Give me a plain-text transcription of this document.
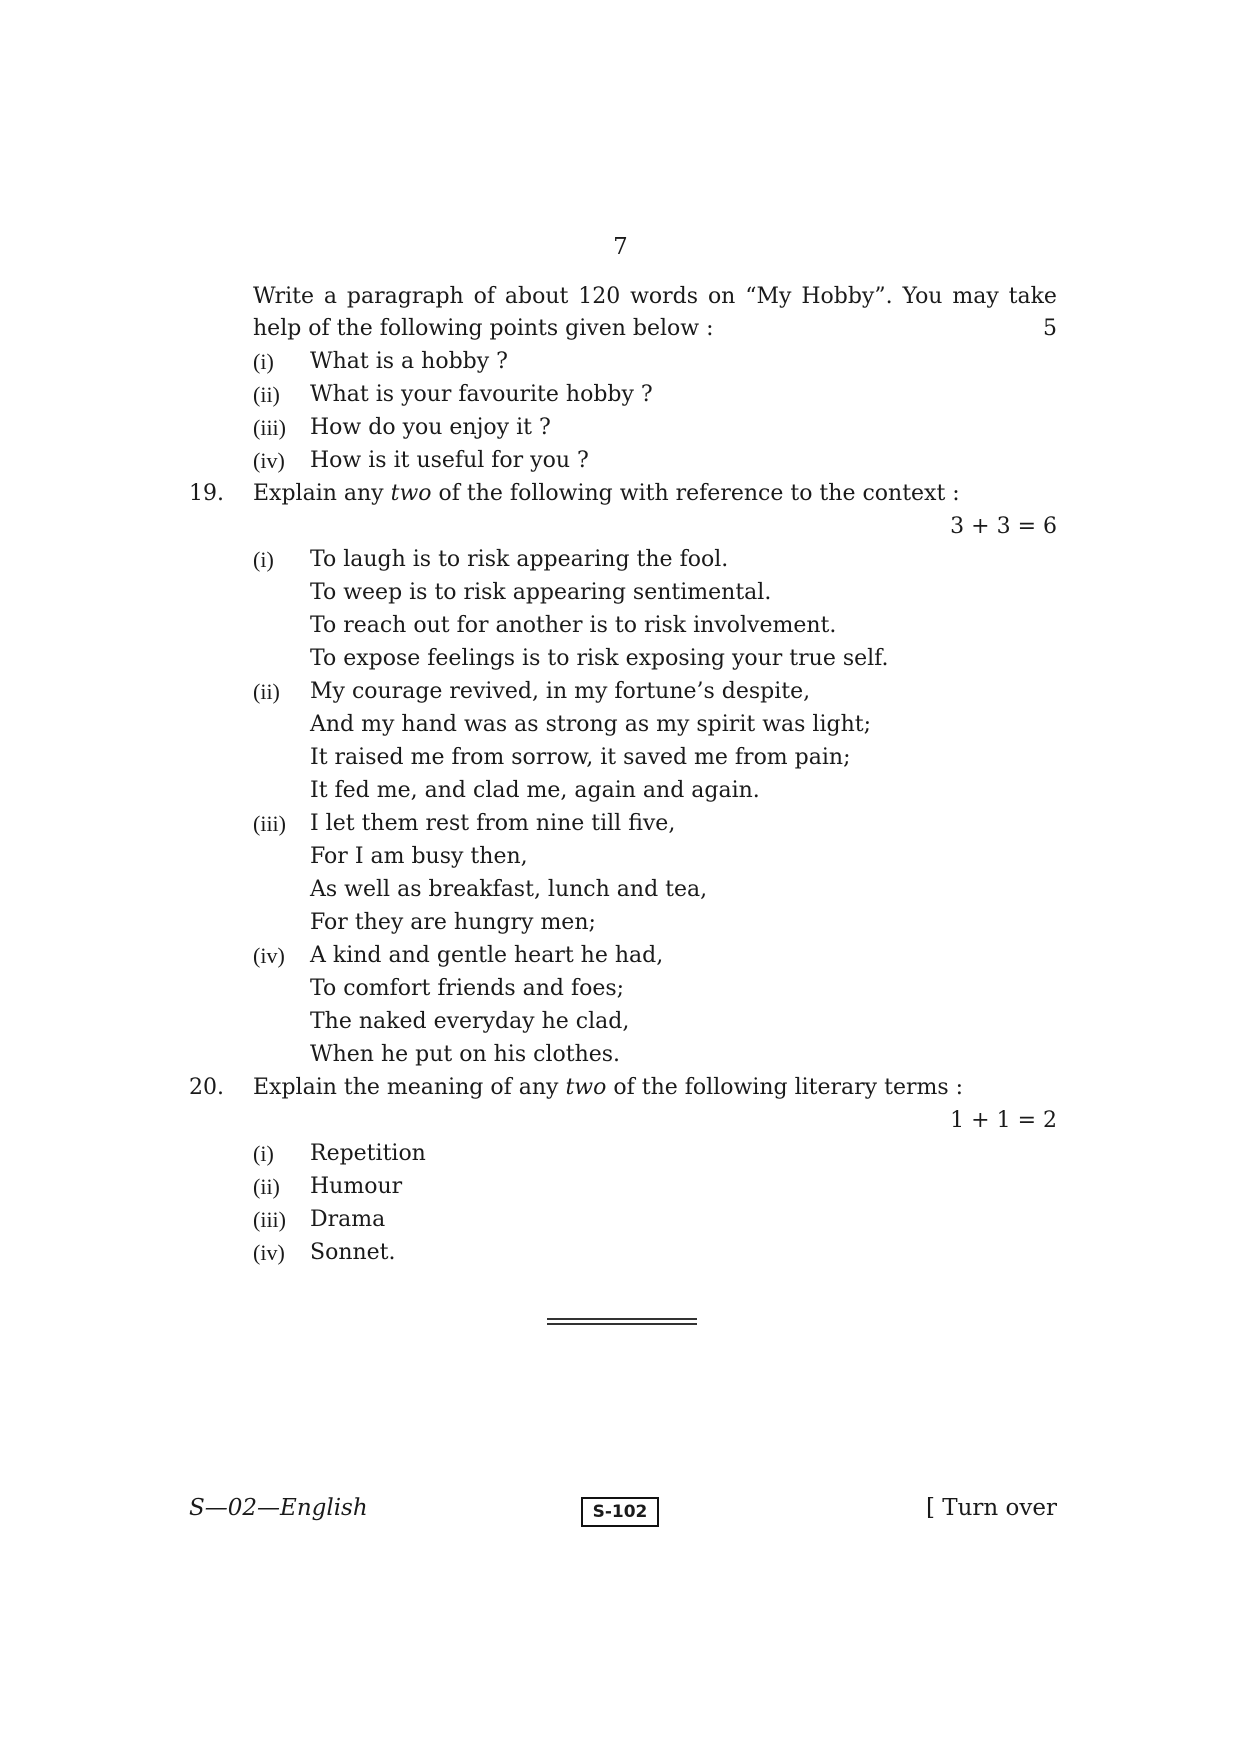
7
Write a paragraph of about 120 words on “My Hobby”. You may take
help of the following points given below :	5
(i) What is a hobby ?
(ii) What is your favourite hobby ?
(iii) How do you enjoy it ?
(iv) How is it useful for you ?
19. Explain any two of the following with reference to the context :
3 + 3 = 6
(i) To laugh is to risk appearing the fool.
To weep is to risk appearing sentimental.
To reach out for another is to risk involvement.
To expose feelings is to risk exposing your true self.
(ii) My courage revived, in my fortune’s despite,
And my hand was as strong as my spirit was light;
It raised me from sorrow, it saved me from pain;
It fed me, and clad me, again and again.
(iii) I let them rest from nine till five,
For I am busy then,
As well as breakfast, lunch and tea,
For they are hungry men;
(iv) A kind and gentle heart he had,
To comfort friends and foes;
The naked everyday he clad,
When he put on his clothes.
20. Explain the meaning of any two of the following literary terms :
1 + 1 = 2
(i) Repetition
(ii) Humour
(iii) Drama
(iv) Sonnet.
S—02—English	S-102	[ Turn over
